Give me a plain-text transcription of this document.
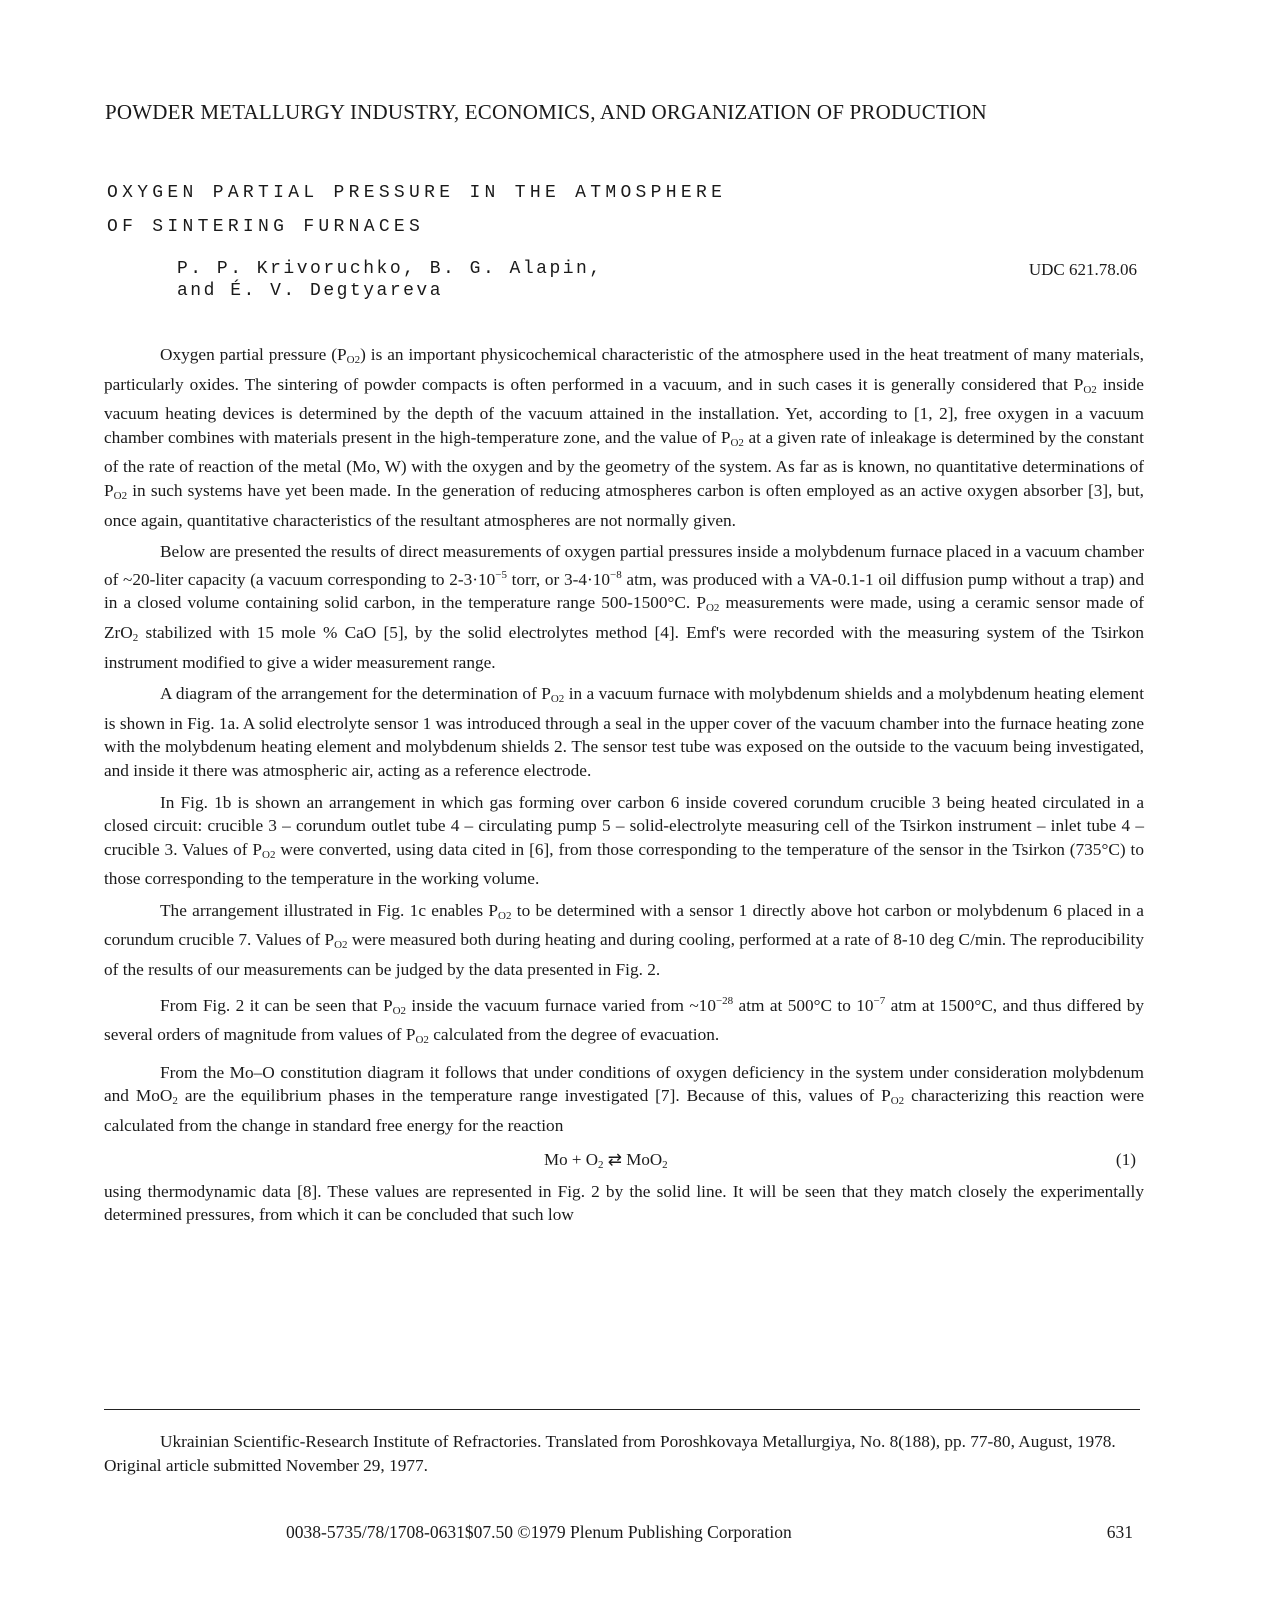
POWDER METALLURGY INDUSTRY, ECONOMICS, AND ORGANIZATION OF PRODUCTION
OXYGEN PARTIAL PRESSURE IN THE ATMOSPHERE
OF SINTERING FURNACES
P. P. Krivoruchko, B. G. Alapin,
and É. V. Degtyareva
UDC 621.78.06

Oxygen partial pressure $(P_{O2})$ is an important physicochemical characteristic of the atmosphere used in the heat treatment of many materials, particularly oxides. The sintering of powder compacts is often performed in a vacuum, and in such cases it is generally considered that $P_{O2}$ inside vacuum heating devices is determined by the depth of the vacuum attained in the installation. Yet, according to [1, 2], free oxygen in a vacuum chamber combines with materials present in the high-temperature zone, and the value of $P_{O2}$ at a given rate of inleakage is determined by the constant of the rate of reaction of the metal (Mo, W) with the oxygen and by the geometry of the system. As far as is known, no quantitative determinations of $P_{O2}$ in such systems have yet been made. In the generation of reducing atmospheres carbon is often employed as an active oxygen absorber [3], but, once again, quantitative characteristics of the resultant atmospheres are not normally given.

Below are presented the results of direct measurements of oxygen partial pressures inside a molybdenum furnace placed in a vacuum chamber of ~20-liter capacity (a vacuum corresponding to $2-3\cdot 10^{-5}$ torr, or $3-4\cdot 10^{-8}$ atm, was produced with a VA-0.1-1 oil diffusion pump without a trap) and in a closed volume containing solid carbon, in the temperature range 500-1500°C. $P_{O2}$ measurements were made, using a ceramic sensor made of ZrO$_2$ stabilized with 15 mole % CaO [5], by the solid electrolytes method [4]. Emf's were recorded with the measuring system of the Tsirkon instrument modified to give a wider measurement range.

A diagram of the arrangement for the determination of $P_{O2}$ in a vacuum furnace with molybdenum shields and a molybdenum heating element is shown in Fig. 1a. A solid electrolyte sensor 1 was introduced through a seal in the upper cover of the vacuum chamber into the furnace heating zone with the molybdenum heating element and molybdenum shields 2. The sensor test tube was exposed on the outside to the vacuum being investigated, and inside it there was atmospheric air, acting as a reference electrode.

In Fig. 1b is shown an arrangement in which gas forming over carbon 6 inside covered corundum crucible 3 being heated circulated in a closed circuit: crucible 3 – corundum outlet tube 4 – circulating pump 5 – solid-electrolyte measuring cell of the Tsirkon instrument – inlet tube 4 – crucible 3. Values of $P_{O2}$ were converted, using data cited in [6], from those corresponding to the temperature of the sensor in the Tsirkon (735°C) to those corresponding to the temperature in the working volume.

The arrangement illustrated in Fig. 1c enables $P_{O2}$ to be determined with a sensor 1 directly above hot carbon or molybdenum 6 placed in a corundum crucible 7. Values of $P_{O2}$ were measured both during heating and during cooling, performed at a rate of 8-10 deg C/min. The reproducibility of the results of our measurements can be judged by the data presented in Fig. 2.

From Fig. 2 it can be seen that $P_{O2}$ inside the vacuum furnace varied from $\sim 10^{-28}$ atm at 500°C to $10^{-7}$ atm at 1500°C, and thus differed by several orders of magnitude from values of $P_{O2}$ calculated from the degree of evacuation.

From the Mo–O constitution diagram it follows that under conditions of oxygen deficiency in the system under consideration molybdenum and MoO$_2$ are the equilibrium phases in the temperature range investigated [7]. Because of this, values of $P_{O2}$ characterizing this reaction were calculated from the change in standard free energy for the reaction

$Mo + O_2$ ⇄ MoO$_2$	(1)

using thermodynamic data [8]. These values are represented in Fig. 2 by the solid line. It will be seen that they match closely the experimentally determined pressures, from which it can be concluded that such low

Ukrainian Scientific-Research Institute of Refractories. Translated from Poroshkovaya Metallurgiya, No. 8(188), pp. 77-80, August, 1978. Original article submitted November 29, 1977.

0038-5735/78/1708-0631$07.50 ©1979 Plenum Publishing Corporation	631
